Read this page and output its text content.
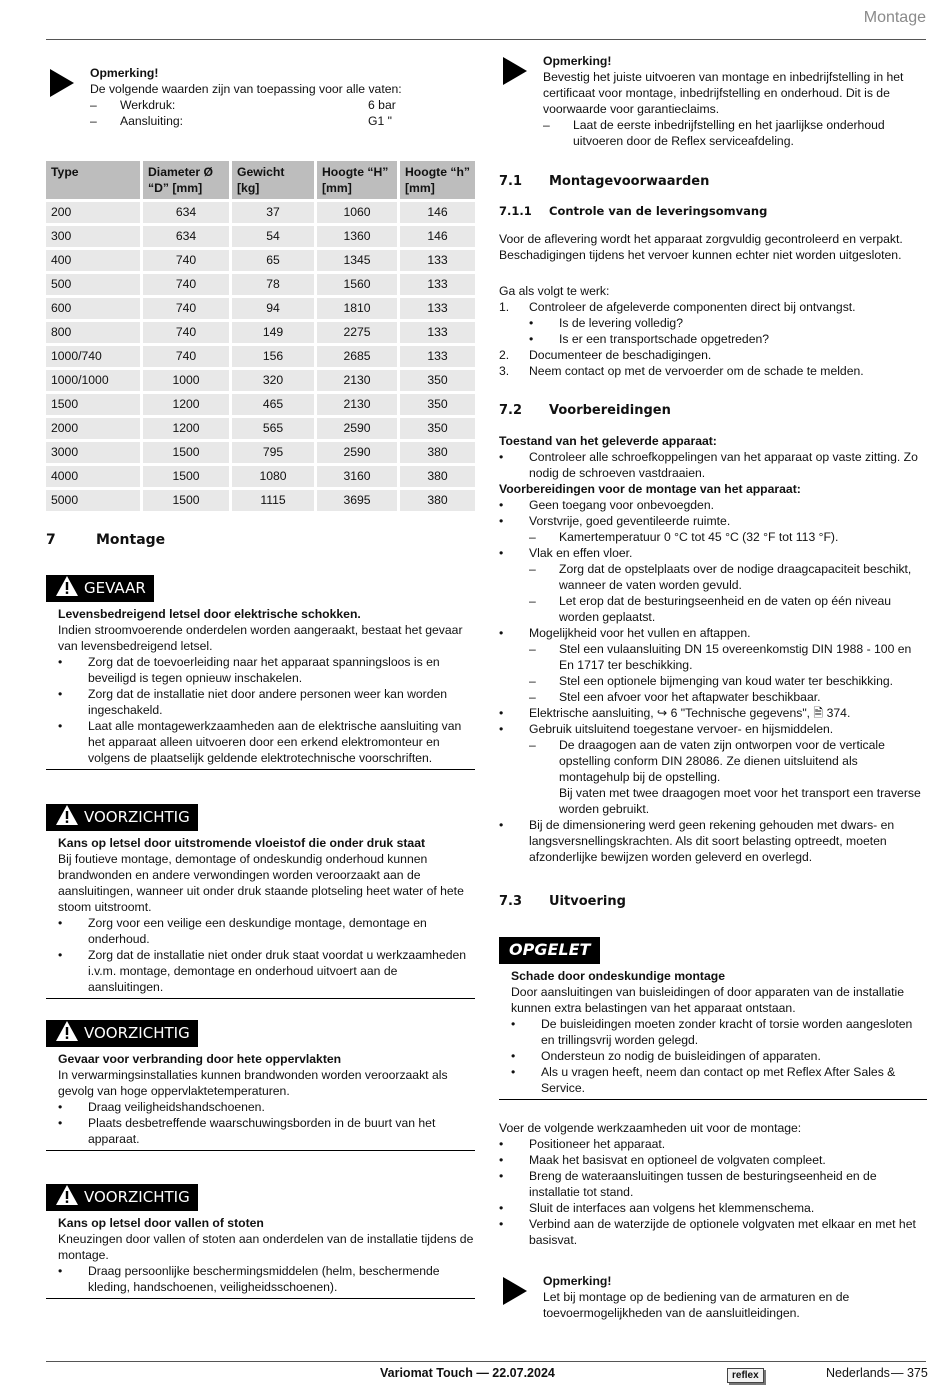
Montage
Opmerking!
De volgende waarden zijn van toepassing voor alle vaten:
–	Werkdruk:	6 bar
–	Aansluiting:	G1 "
Type	Diameter Ø “D” [mm]	Gewicht [kg]	Hoogte “H” [mm]	Hoogte “h” [mm]
200	634	37	1060	146
300	634	54	1360	146
400	740	65	1345	133
500	740	78	1560	133
600	740	94	1810	133
800	740	149	2275	133
1000/740	740	156	2685	133
1000/1000	1000	320	2130	350
1500	1200	465	2130	350
2000	1200	565	2590	350
3000	1500	795	2590	380
4000	1500	1080	3160	380
5000	1500	1115	3695	380
7	Montage
GEVAAR
Levensbedreigend letsel door elektrische schokken.
Indien stroomvoerende onderdelen worden aangeraakt, bestaat het gevaar van levensbedreigend letsel.
•	Zorg dat de toevoerleiding naar het apparaat spanningsloos is en beveiligd is tegen opnieuw inschakelen.
•	Zorg dat de installatie niet door andere personen weer kan worden ingeschakeld.
•	Laat alle montagewerkzaamheden aan de elektrische aansluiting van het apparaat alleen uitvoeren door een erkend elektromonteur en volgens de plaatselijk geldende elektrotechnische voorschriften.
VOORZICHTIG
Kans op letsel door uitstromende vloeistof die onder druk staat
Bij foutieve montage, demontage of ondeskundig onderhoud kunnen brandwonden en andere verwondingen worden veroorzaakt aan de aansluitingen, wanneer uit onder druk staande plotseling heet water of hete stoom uitstroomt.
•	Zorg voor een veilige een deskundige montage, demontage en onderhoud.
•	Zorg dat de installatie niet onder druk staat voordat u werkzaamheden i.v.m. montage, demontage en onderhoud uitvoert aan de aansluitingen.
VOORZICHTIG
Gevaar voor verbranding door hete oppervlakten
In verwarmingsinstallaties kunnen brandwonden worden veroorzaakt als gevolg van hoge oppervlaktetemperaturen.
•	Draag veiligheidshandschoenen.
•	Plaats desbetreffende waarschuwingsborden in de buurt van het apparaat.
VOORZICHTIG
Kans op letsel door vallen of stoten
Kneuzingen door vallen of stoten aan onderdelen van de installatie tijdens de montage.
•	Draag persoonlijke beschermingsmiddelen (helm, beschermende kleding, handschoenen, veiligheidsschoenen).
Opmerking!
Bevestig het juiste uitvoeren van montage en inbedrijfstelling in het certificaat voor montage, inbedrijfstelling en onderhoud. Dit is de voorwaarde voor garantieclaims.
–	Laat de eerste inbedrijfstelling en het jaarlijkse onderhoud uitvoeren door de Reflex serviceafdeling.
7.1 Montagevoorwaarden
7.1.1 Controle van de leveringsomvang
Voor de aflevering wordt het apparaat zorgvuldig gecontroleerd en verpakt. Beschadigingen tijdens het vervoer kunnen echter niet worden uitgesloten.
Ga als volgt te werk:
1.	Controleer de afgeleverde componenten direct bij ontvangst.
•	Is de levering volledig?
•	Is er een transportschade opgetreden?
2.	Documenteer de beschadigingen.
3.	Neem contact op met de vervoerder om de schade te melden.
7.2 Voorbereidingen
Toestand van het geleverde apparaat:
•	Controleer alle schroefkoppelingen van het apparaat op vaste zitting. Zo nodig de schroeven vastdraaien.
Voorbereidingen voor de montage van het apparaat:
•	Geen toegang voor onbevoegden.
•	Vorstvrije, goed geventileerde ruimte.
–	Kamertemperatuur 0 °C tot 45 °C (32 °F tot 113 °F).
•	Vlak en effen vloer.
–	Zorg dat de opstelplaats over de nodige draagcapaciteit beschikt, wanneer de vaten worden gevuld.
–	Let erop dat de besturingseenheid en de vaten op één niveau worden geplaatst.
•	Mogelijkheid voor het vullen en aftappen.
–	Stel een vulaansluiting DN 15 overeenkomstig DIN 1988 - 100 en En 1717 ter beschikking.
–	Stel een optionele bijmenging van koud water ter beschikking.
–	Stel een afvoer voor het aftapwater beschikbaar.
•	Elektrische aansluiting, ↪ 6 "Technische gegevens", 🗎 374.
•	Gebruik uitsluitend toegestane vervoer- en hijsmiddelen.
–	De draagogen aan de vaten zijn ontworpen voor de verticale opstelling conform DIN 28086. Ze dienen uitsluitend als montagehulp bij de opstelling.
Bij vaten met twee draagogen moet voor het transport een traverse worden gebruikt.
•	Bij de dimensionering werd geen rekening gehouden met dwars- en langsversnellingskrachten. Als dit soort belasting optreedt, moeten afzonderlijke bewijzen worden geleverd en overlegd.
7.3 Uitvoering
OPGELET
Schade door ondeskundige montage
Door aansluitingen van buisleidingen of door apparaten van de installatie kunnen extra belastingen van het apparaat ontstaan.
•	De buisleidingen moeten zonder kracht of torsie worden aangesloten en trillingsvrij worden gelegd.
•	Ondersteun zo nodig de buisleidingen of apparaten.
•	Als u vragen heeft, neem dan contact op met Reflex After Sales & Service.
Voer de volgende werkzaamheden uit voor de montage:
•	Positioneer het apparaat.
•	Maak het basisvat en optioneel de volgvaten compleet.
•	Breng de wateraansluitingen tussen de besturingseenheid en de installatie tot stand.
•	Sluit de interfaces aan volgens het klemmenschema.
•	Verbind aan de waterzijde de optionele volgvaten met elkaar en met het basisvat.
Opmerking!
Let bij montage op de bediening van de armaturen en de toevoermogelijkheden van de aansluitleidingen.
Variomat Touch — 22.07.2024	reflex	Nederlands — 375
